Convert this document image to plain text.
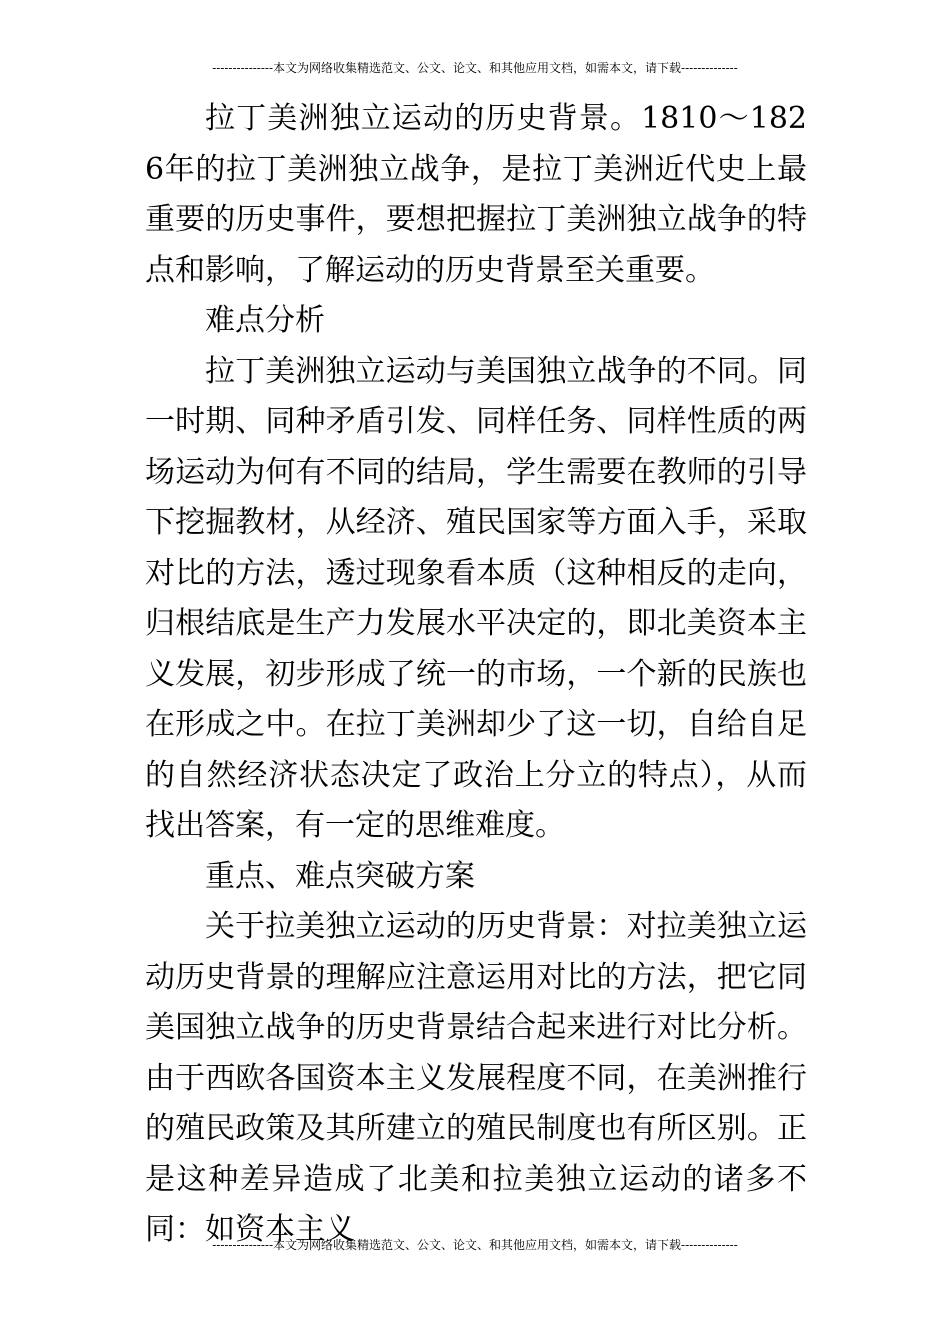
---------------本文为网络收集精选范文、公文、论文、和其他应用文档，如需本文，请下载--------------

拉丁美洲独立运动的历史背景。1810～1826年的拉丁美洲独立战争，是拉丁美洲近代史上最重要的历史事件，要想把握拉丁美洲独立战争的特点和影响，了解运动的历史背景至关重要。

难点分析

拉丁美洲独立运动与美国独立战争的不同。同一时期、同种矛盾引发、同样任务、同样性质的两场运动为何有不同的结局，学生需要在教师的引导下挖掘教材，从经济、殖民国家等方面入手，采取对比的方法，透过现象看本质（这种相反的走向，归根结底是生产力发展水平决定的，即北美资本主义发展，初步形成了统一的市场，一个新的民族也在形成之中。在拉丁美洲却少了这一切，自给自足的自然经济状态决定了政治上分立的特点），从而找出答案，有一定的思维难度。

重点、难点突破方案

关于拉美独立运动的历史背景：对拉美独立运动历史背景的理解应注意运用对比的方法，把它同美国独立战争的历史背景结合起来进行对比分析。由于西欧各国资本主义发展程度不同，在美洲推行的殖民政策及其所建立的殖民制度也有所区别。正是这种差异造成了北美和拉美独立运动的诸多不同：如资本主义

---------------本文为网络收集精选范文、公文、论文、和其他应用文档，如需本文，请下载--------------
